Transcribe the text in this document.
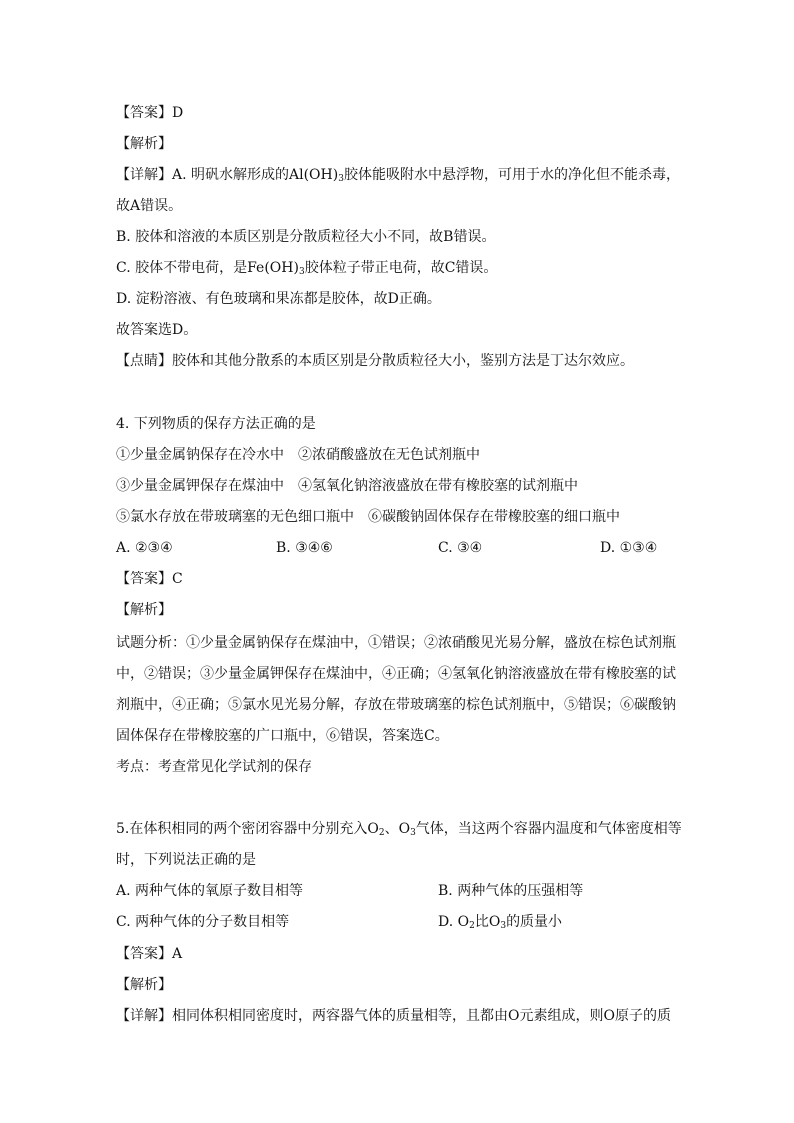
【答案】D
【解析】
【详解】A. 明矾水解形成的$Al(OH)_3$胶体能吸附水中悬浮物，可用于水的净化但不能杀毒，
故A错误。
B. 胶体和溶液的本质区别是分散质粒径大小不同，故B错误。
C. 胶体不带电荷，是$Fe(OH)_3$胶体粒子带正电荷，故C错误。
D. 淀粉溶液、有色玻璃和果冻都是胶体，故D正确。
故答案选D。
【点睛】胶体和其他分散系的本质区别是分散质粒径大小，鉴别方法是丁达尔效应。
4. 下列物质的保存方法正确的是
①少量金属钠保存在冷水中　②浓硝酸盛放在无色试剂瓶中
③少量金属钾保存在煤油中　④氢氧化钠溶液盛放在带有橡胶塞的试剂瓶中
⑤氯水存放在带玻璃塞的无色细口瓶中　⑥碳酸钠固体保存在带橡胶塞的细口瓶中
A. ②③④	B. ③④⑥	C. ③④	D. ①③④
【答案】C
【解析】
试题分析：①少量金属钠保存在煤油中，①错误；②浓硝酸见光易分解，盛放在棕色试剂瓶
中，②错误；③少量金属钾保存在煤油中，④正确；④氢氧化钠溶液盛放在带有橡胶塞的试
剂瓶中，④正确；⑤氯水见光易分解，存放在带玻璃塞的棕色试剂瓶中，⑤错误；⑥碳酸钠
固体保存在带橡胶塞的广口瓶中，⑥错误，答案选C。
考点：考查常见化学试剂的保存
5.在体积相同的两个密闭容器中分别充入$O_2$、$O_3$气体，当这两个容器内温度和气体密度相等
时，下列说法正确的是
A. 两种气体的氧原子数目相等	B. 两种气体的压强相等
C. 两种气体的分子数目相等	D. $O_2$比$O_3$的质量小
【答案】A
【解析】
【详解】相同体积相同密度时，两容器气体的质量相等，且都由O元素组成，则O原子的质
